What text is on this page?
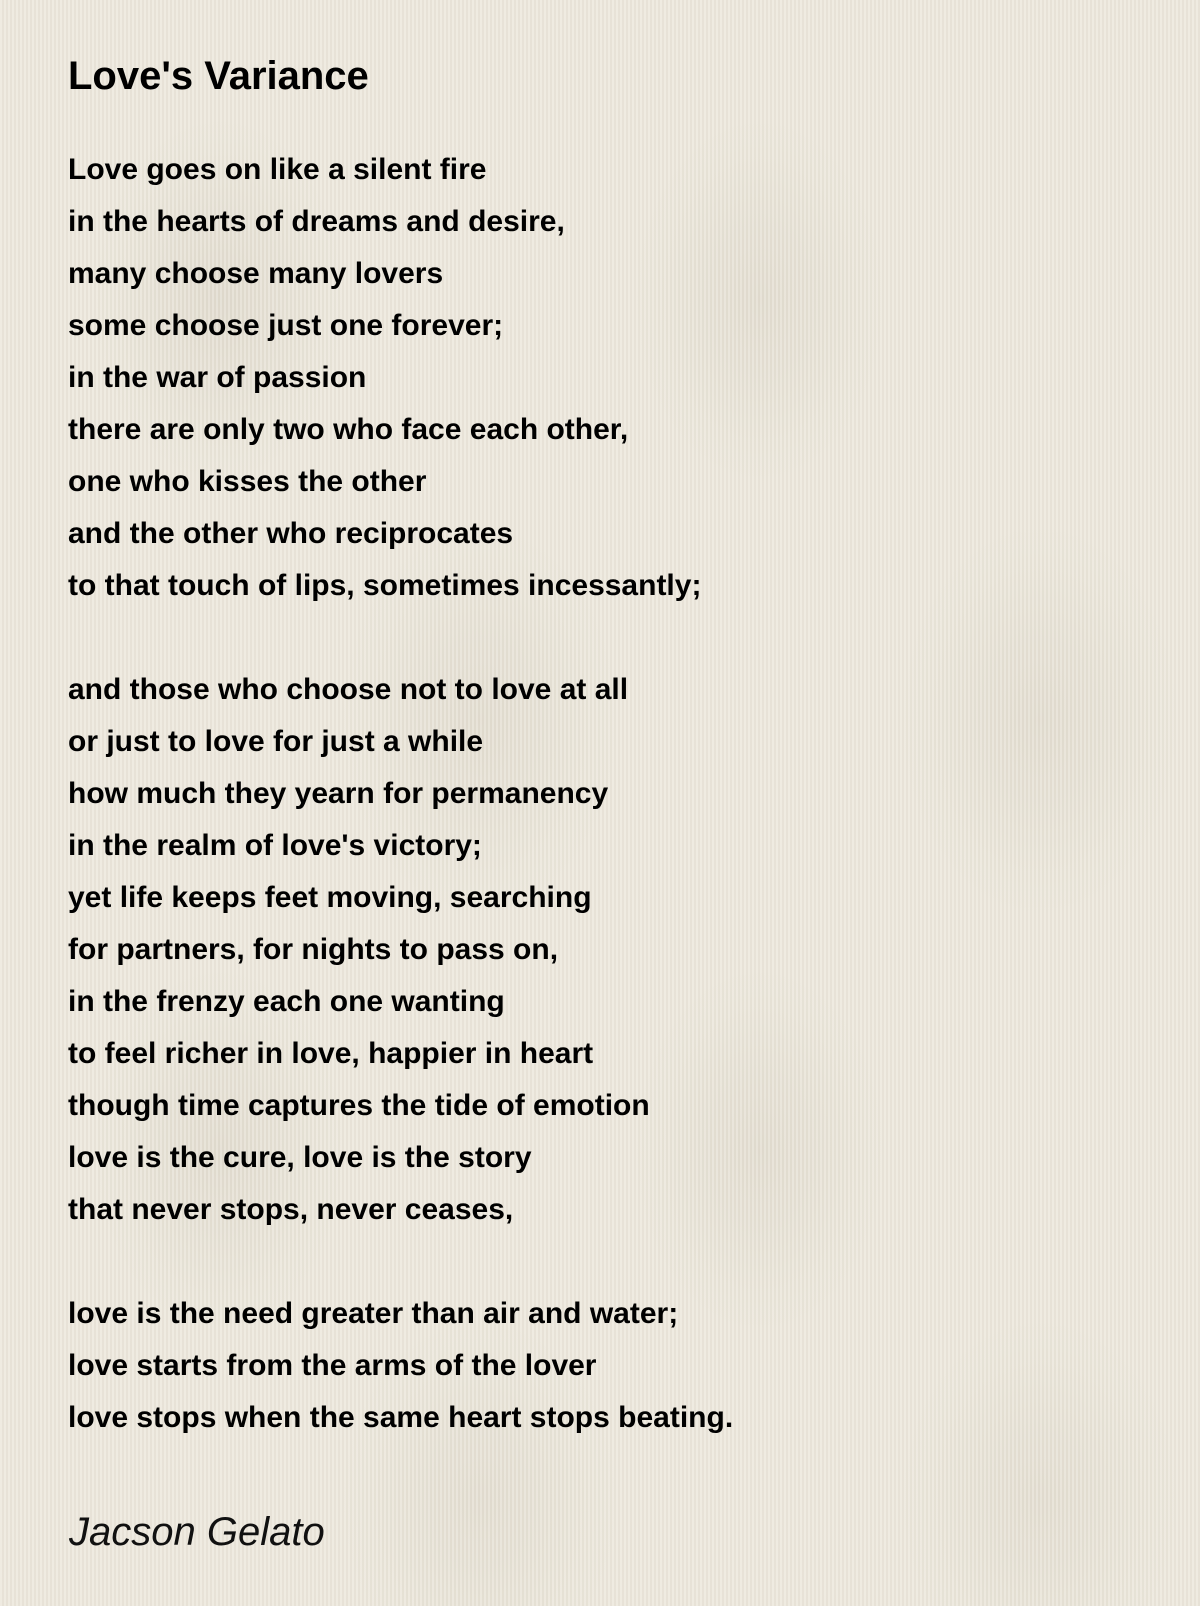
Love's Variance
Love goes on like a silent fire
in the hearts of dreams and desire,
many choose many lovers
some choose just one forever;
in the war of passion
there are only two who face each other,
one who kisses the other
and the other who reciprocates
to that touch of lips, sometimes incessantly;
and those who choose not to love at all
or just to love for just a while
how much they yearn for permanency
in the realm of love's victory;
yet life keeps feet moving, searching
for partners, for nights to pass on,
in the frenzy each one wanting
to feel richer in love, happier in heart
though time captures the tide of emotion
love is the cure, love is the story
that never stops, never ceases,
love is the need greater than air and water;
love starts from the arms of the lover
love stops when the same heart stops beating.
Jacson Gelato
